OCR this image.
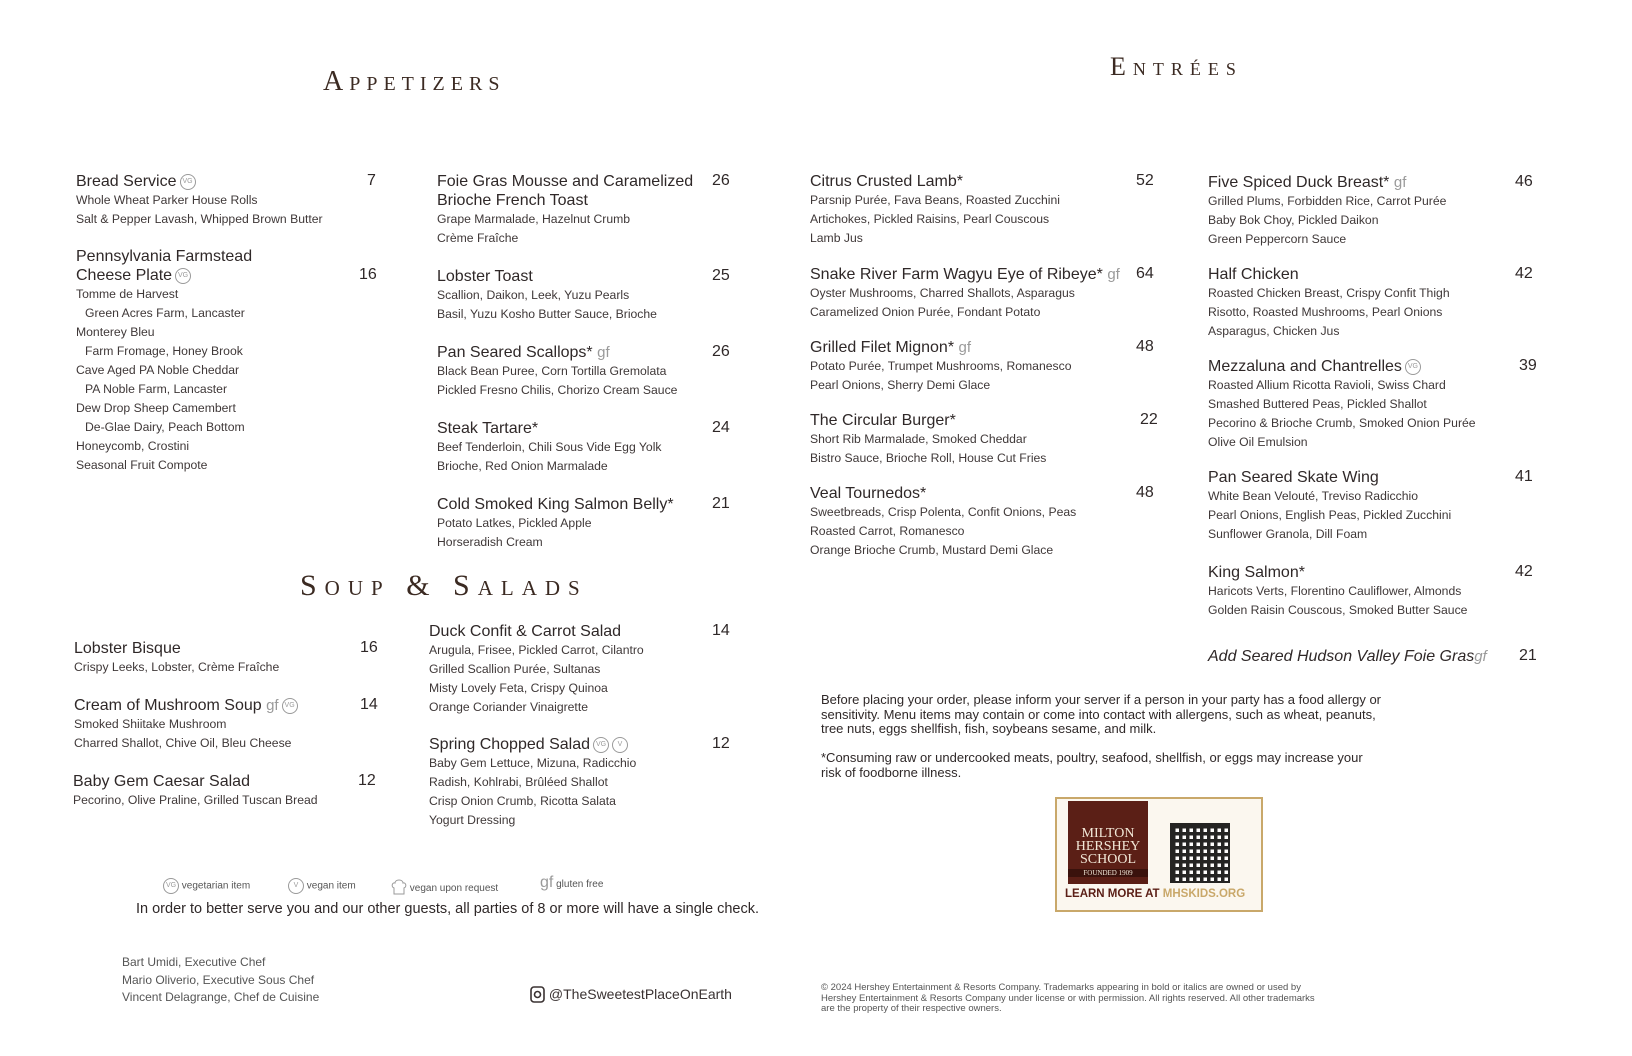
Appetizers	Entrées
Soup & Salads
Bread Service VG	7
Whole Wheat Parker House Rolls
Salt & Pepper Lavash, Whipped Brown Butter
Pennsylvania Farmstead
Cheese Plate VG	16
Tomme de Harvest
Green Acres Farm, Lancaster
Monterey Bleu
Farm Fromage, Honey Brook
Cave Aged PA Noble Cheddar
PA Noble Farm, Lancaster
Dew Drop Sheep Camembert
De-Glae Dairy, Peach Bottom
Honeycomb, Crostini
Seasonal Fruit Compote
Foie Gras Mousse and Caramelized
Brioche French Toast
26
Grape Marmalade, Hazelnut Crumb
Crème Fraîche
Lobster Toast	25
Scallion, Daikon, Leek, Yuzu Pearls
Basil, Yuzu Kosho Butter Sauce, Brioche
Pan Seared Scallops* gf	26
Black Bean Puree, Corn Tortilla Gremolata
Pickled Fresno Chilis, Chorizo Cream Sauce
Steak Tartare*	24
Beef Tenderloin, Chili Sous Vide Egg Yolk
Brioche, Red Onion Marmalade
Cold Smoked King Salmon Belly*	21
Potato Latkes, Pickled Apple
Horseradish Cream
Lobster Bisque	16
Crispy Leeks, Lobster, Crème Fraîche
Cream of Mushroom Soup gf VG	14
Smoked Shiitake Mushroom
Charred Shallot, Chive Oil, Bleu Cheese
Baby Gem Caesar Salad	12
Pecorino, Olive Praline, Grilled Tuscan Bread
Duck Confit & Carrot Salad	14
Arugula, Frisee, Pickled Carrot, Cilantro
Grilled Scallion Purée, Sultanas
Misty Lovely Feta, Crispy Quinoa
Orange Coriander Vinaigrette
Spring Chopped Salad VG V	12
Baby Gem Lettuce, Mizuna, Radicchio
Radish, Kohlrabi, Brûléed Shallot
Crisp Onion Crumb, Ricotta Salata
Yogurt Dressing
Citrus Crusted Lamb*	52
Parsnip Purée, Fava Beans, Roasted Zucchini
Artichokes, Pickled Raisins, Pearl Couscous
Lamb Jus
Snake River Farm Wagyu Eye of Ribeye* gf	64
Oyster Mushrooms, Charred Shallots, Asparagus
Caramelized Onion Purée, Fondant Potato
Grilled Filet Mignon* gf	48
Potato Purée, Trumpet Mushrooms, Romanesco
Pearl Onions, Sherry Demi Glace
The Circular Burger*	22
Short Rib Marmalade, Smoked Cheddar
Bistro Sauce, Brioche Roll, House Cut Fries
Veal Tournedos*	48
Sweetbreads, Crisp Polenta, Confit Onions, Peas
Roasted Carrot, Romanesco
Orange Brioche Crumb, Mustard Demi Glace
Five Spiced Duck Breast* gf	46
Grilled Plums, Forbidden Rice, Carrot Purée
Baby Bok Choy, Pickled Daikon
Green Peppercorn Sauce
Half Chicken	42
Roasted Chicken Breast, Crispy Confit Thigh
Risotto, Roasted Mushrooms, Pearl Onions
Asparagus, Chicken Jus
Mezzaluna and Chantrelles VG	39
Roasted Allium Ricotta Ravioli, Swiss Chard
Smashed Buttered Peas, Pickled Shallot
Pecorino & Brioche Crumb, Smoked Onion Purée
Olive Oil Emulsion
Pan Seared Skate Wing	41
White Bean Velouté, Treviso Radicchio
Pearl Onions, English Peas, Pickled Zucchini
Sunflower Granola, Dill Foam
King Salmon*	42
Haricots Verts, Florentino Cauliflower, Almonds
Golden Raisin Couscous, Smoked Butter Sauce
Add Seared Hudson Valley Foie Grasgf	21
VG vegetarian item	V vegan item	vegan upon request	gf gluten free
In order to better serve you and our other guests, all parties of 8 or more will have a single check.
Bart Umidi, Executive Chef
Mario Oliverio, Executive Sous Chef
Vincent Delagrange, Chef de Cuisine	@TheSweetestPlaceOnEarth
Before placing your order, please inform your server if a person in your party has a food allergy or
sensitivity. Menu items may contain or come into contact with allergens, such as wheat, peanuts,
tree nuts, eggs shellfish, fish, soybeans sesame, and milk.
*Consuming raw or undercooked meats, poultry, seafood, shellfish, or eggs may increase your
risk of foodborne illness.
MILTON
HERSHEY
SCHOOL
FOUNDED 1909
LEARN MORE AT MHSKIDS.ORG
© 2024 Hershey Entertainment & Resorts Company. Trademarks appearing in bold or italics are owned or used by
Hershey Entertainment & Resorts Company under license or with permission. All rights reserved. All other trademarks
are the property of their respective owners.
